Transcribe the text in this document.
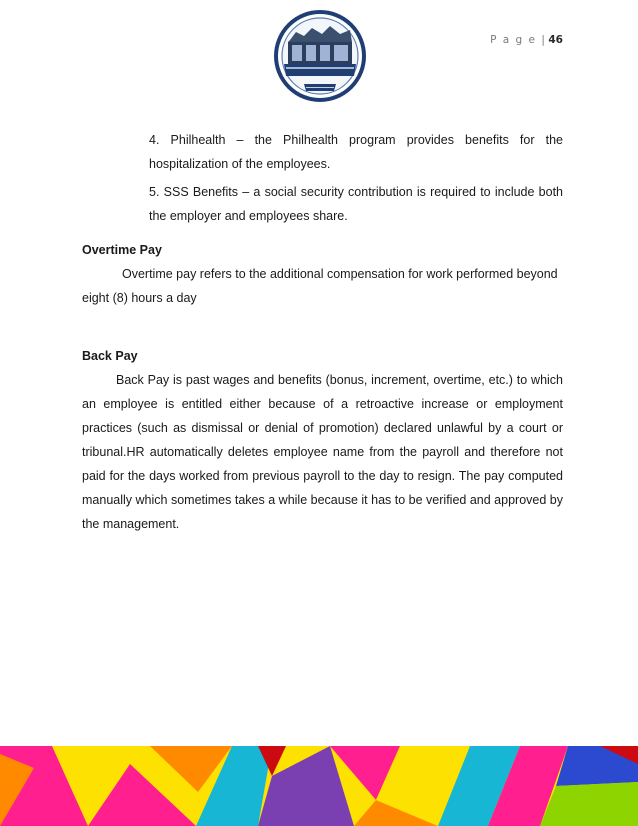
P a g e | 46
4. Philhealth – the Philhealth program provides benefits for the hospitalization of the employees.
5. SSS Benefits – a social security contribution is required to include both the employer and employees share.

Overtime Pay

Overtime pay refers to the additional compensation for work performed beyond

eight (8) hours a day

Back Pay

Back Pay is past wages and benefits (bonus, increment, overtime, etc.) to which an employee is entitled either because of a retroactive increase or employment practices (such as dismissal or denial of promotion) declared unlawful by a court or tribunal.HR automatically deletes employee name from the payroll and therefore not paid for the days worked from previous payroll to the day to resign. The pay computed manually which sometimes takes a while because it has to be verified and approved by the management.
